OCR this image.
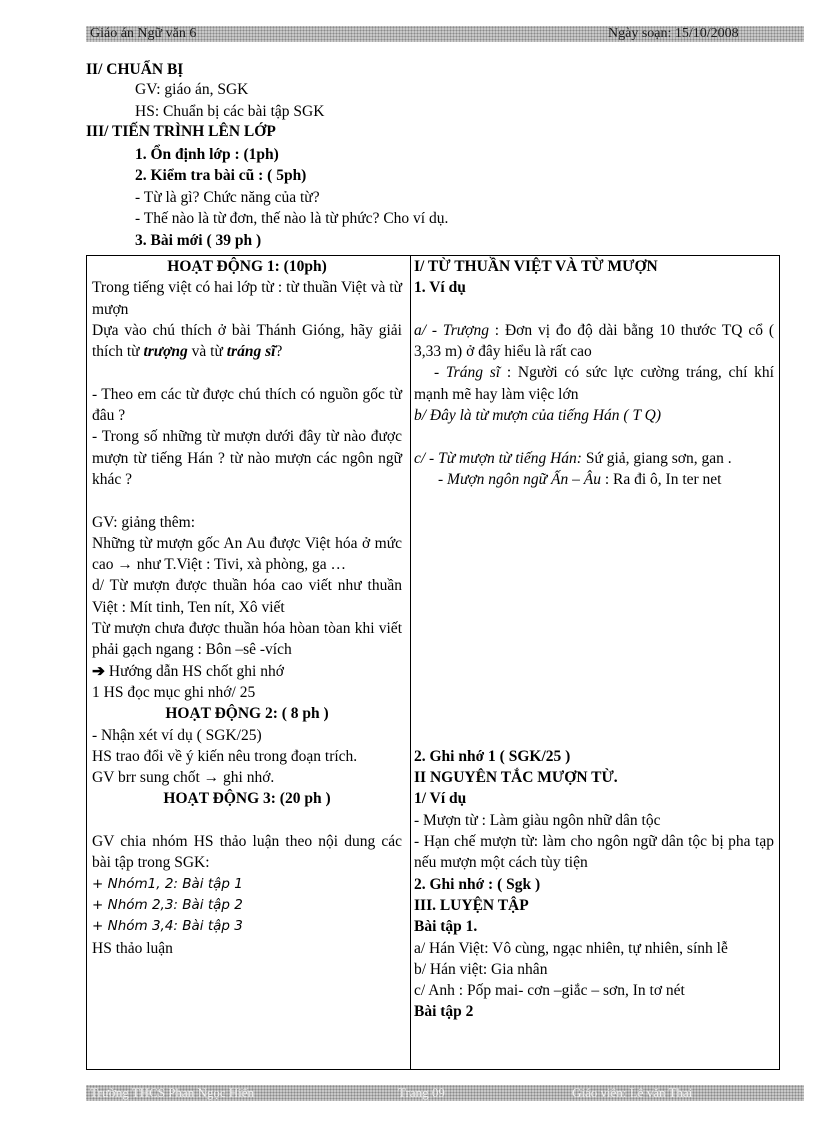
Giáo án Ngữ văn 6	Ngày soạn: 15/10/2008
II/ CHUẨN BỊ
GV: giáo án, SGK
HS: Chuẩn bị các bài tập SGK
III/ TIẾN TRÌNH LÊN LỚP
1. Ổn định lớp : (1ph)
2. Kiểm tra bài cũ : ( 5ph)
- Từ là gì? Chức năng của từ?
- Thế nào là từ đơn, thế nào là từ phức? Cho ví dụ.
3. Bài mới ( 39 ph )

HOẠT ĐỘNG 1: (10ph)

Trong tiếng việt có hai lớp từ : từ thuần Việt và từ mượn

Dựa vào chú thích ở bài Thánh Gióng, hãy giải thích từ trượng và từ tráng sĩ?

- Theo em các từ được chú thích có nguồn gốc từ đâu ?

- Trong số những từ mượn dưới đây từ nào được mượn từ tiếng Hán ? từ nào mượn các ngôn ngữ khác ?

GV: giảng thêm:

Những từ mượn gốc An Au được Việt hóa ở mức cao → như T.Việt : Tivi, xà phòng, ga …

d/ Từ mượn được thuần hóa cao viết như thuần Việt : Mít tinh, Ten nít, Xô viết

Từ mượn chưa được thuần hóa hòan tòan khi viết phải gạch ngang : Bôn –sê -vích

➔ Hướng dẫn HS chốt ghi nhớ

1 HS đọc mục ghi nhớ/ 25

HOẠT ĐỘNG 2: ( 8 ph )

- Nhận xét ví dụ ( SGK/25)

HS trao đổi về ý kiến nêu trong đoạn trích.

GV brr sung chốt → ghi nhớ.

HOẠT ĐỘNG 3: (20 ph )

GV chia nhóm HS thảo luận theo nội dung các bài tập trong SGK:

+ Nhóm1, 2: Bài tập 1

+ Nhóm 2,3: Bài tập 2

+ Nhóm 3,4: Bài tập 3

HS thảo luận

I/ TỪ THUẦN VIỆT VÀ TỪ MƯỢN

1. Ví dụ

a/ - Trượng : Đơn vị đo độ dài bằng 10 thước TQ cổ ( 3,33 m) ở đây hiểu là rất cao

- Tráng sĩ : Người có sức lực cường tráng, chí khí mạnh mẽ hay làm việc lớn

b/ Đây là từ mượn của tiếng Hán ( T Q)

c/ - Từ mượn từ tiếng Hán: Sứ giả, giang sơn, gan .

- Mượn ngôn ngữ Ấn – Âu : Ra đi ô, In ter net

2. Ghi nhớ 1 ( SGK/25 )

II NGUYÊN TẮC MƯỢN TỪ.

1/ Ví dụ

- Mượn từ : Làm giàu ngôn nhữ dân tộc

- Hạn chế mượn từ: làm cho ngôn ngữ dân tộc bị pha tạp nếu mượn một cách tùy tiện

2. Ghi nhớ : ( Sgk )

III. LUYỆN TẬP

Bài tập 1.

a/ Hán Việt: Vô cùng, ngạc nhiên, tự nhiên, sính lễ

b/ Hán việt: Gia nhân

c/ Anh : Pốp mai- cơn –giắc – sơn, In tơ nét

Bài tập 2

Trường THCS Phan Ngọc Hiển	Trang 09	Giáo viên: Lê văn Thai
